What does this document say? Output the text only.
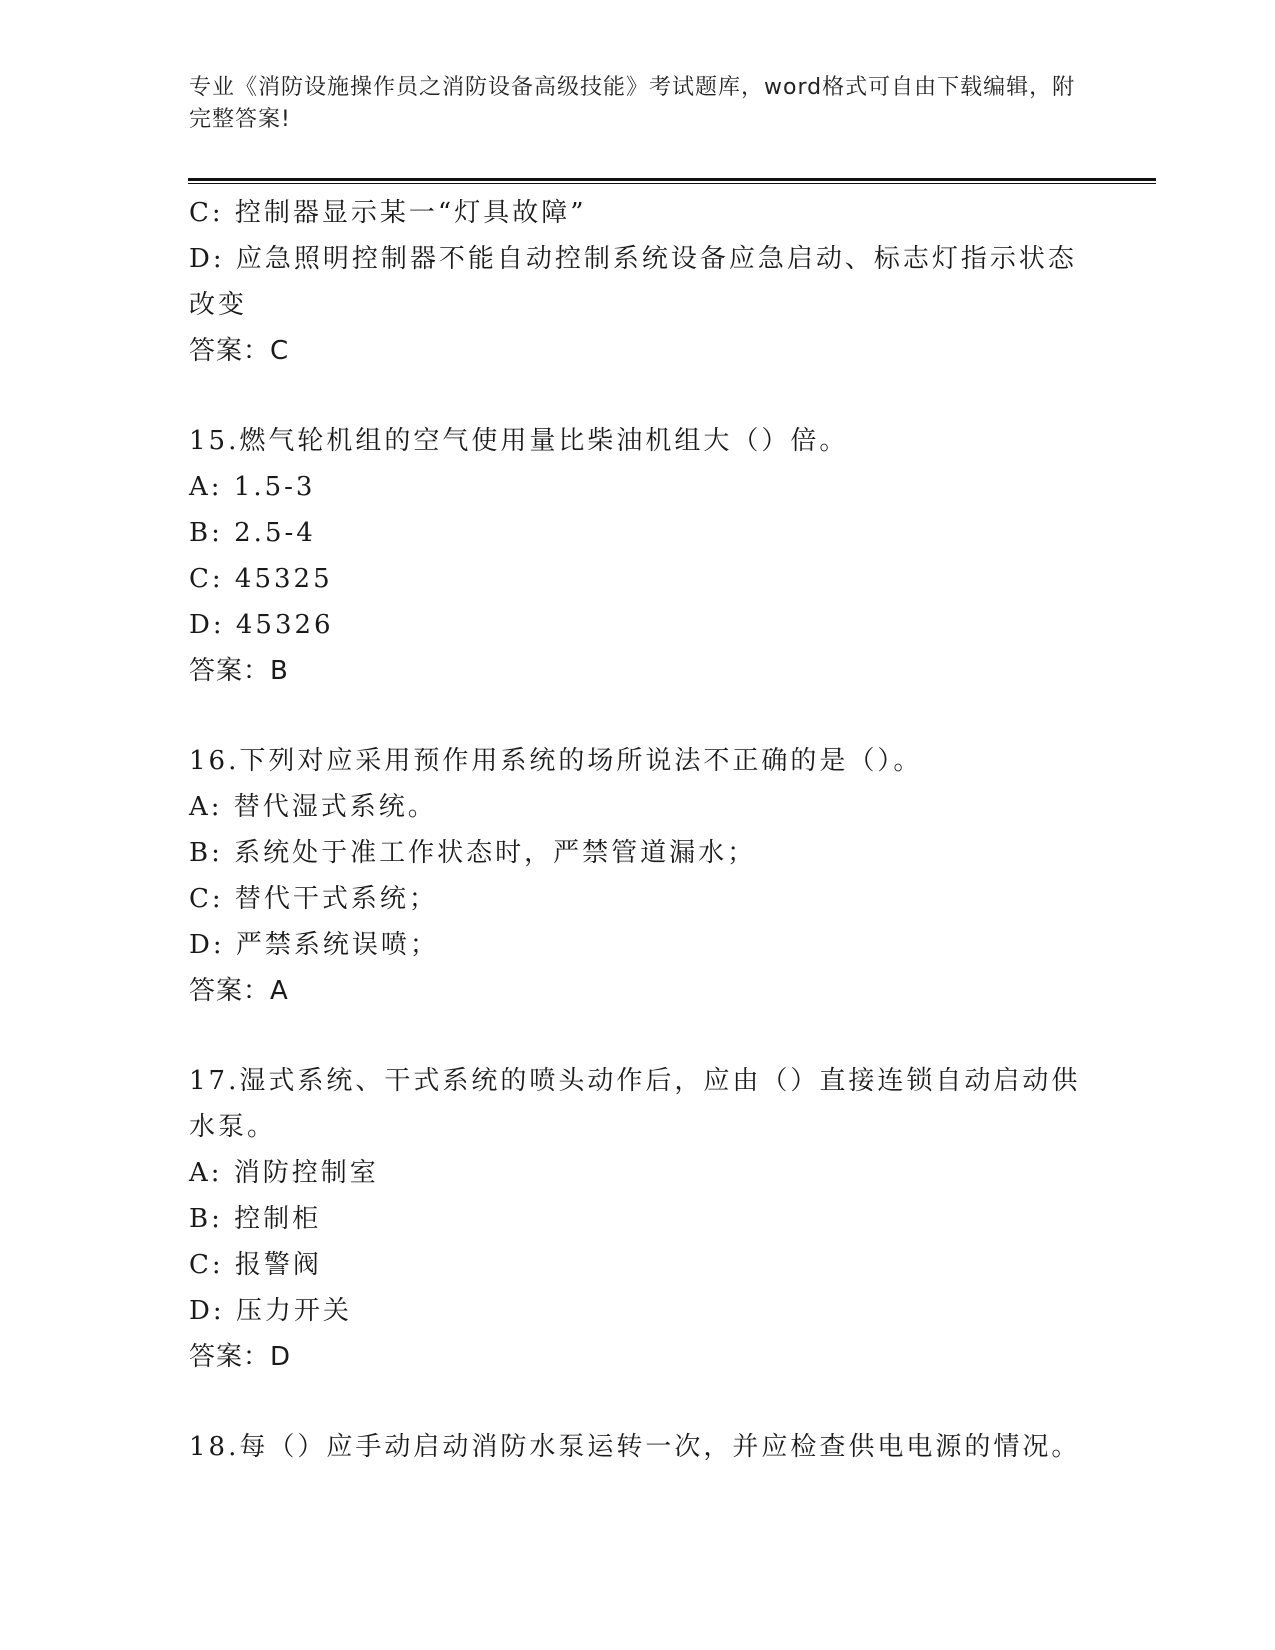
专业《消防设施操作员之消防设备高级技能》考试题库，word格式可自由下载编辑，附完整答案!
C: 控制器显示某一“灯具故障”
D: 应急照明控制器不能自动控制系统设备应急启动、标志灯指示状态改变
答案：C
15.燃气轮机组的空气使用量比柴油机组大（）倍。
A: 1.5-3
B: 2.5-4
C: 45325
D: 45326
答案：B
16.下列对应采用预作用系统的场所说法不正确的是（）。
A: 替代湿式系统。
B: 系统处于准工作状态时，严禁管道漏水；
C: 替代干式系统；
D: 严禁系统误喷；
答案：A
17.湿式系统、干式系统的喷头动作后，应由（）直接连锁自动启动供水泵。
A: 消防控制室
B: 控制柜
C: 报警阀
D: 压力开关
答案：D
18.每（）应手动启动消防水泵运转一次，并应检查供电电源的情况。
